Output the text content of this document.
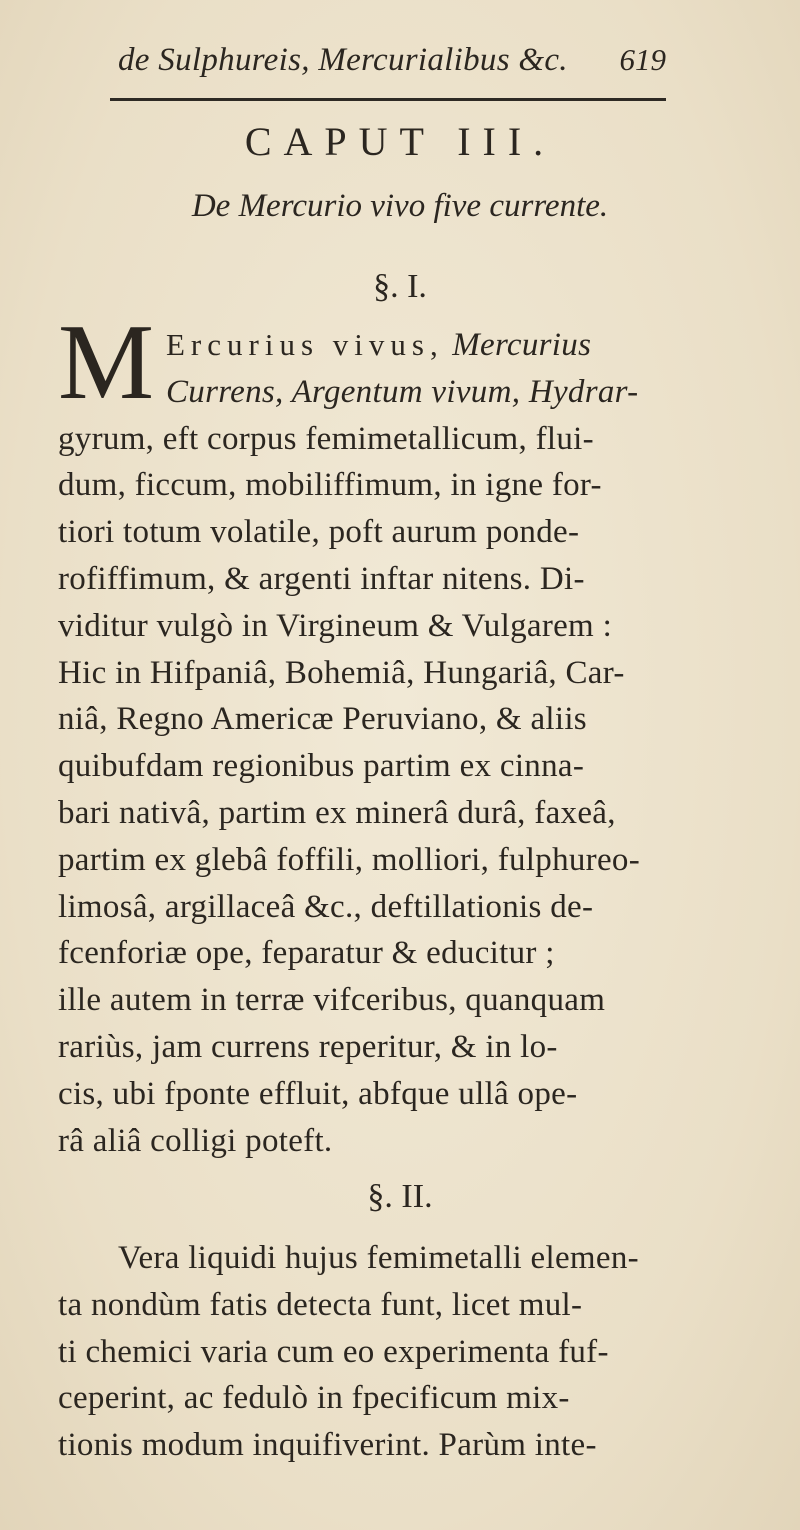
de Sulphureis, Mercurialibus &c. 619
CAPUT III.
De Mercurio vivo five currente.
§. I.
M Ercurius vivus, Mercurius
Currens, Argentum vivum, Hydrar-
gyrum, eft corpus femimetallicum, flui-
dum, ficcum, mobiliffimum, in igne for-
tiori totum volatile, poft aurum ponde-
rofiffimum, & argenti inftar nitens. Di-
viditur vulgò in Virgineum & Vulgarem :
Hic in Hifpaniâ, Bohemiâ, Hungariâ, Car-
niâ, Regno Americæ Peruviano, & aliis
quibufdam regionibus partim ex cinna-
bari nativâ, partim ex minerâ durâ, faxeâ,
partim ex glebâ foffili, molliori, fulphureo-
limosâ, argillaceâ &c., deftillationis de-
fcenforiæ ope, feparatur & educitur ;
ille autem in terræ vifceribus, quanquam
rariùs, jam currens reperitur, & in lo-
cis, ubi fponte effluit, abfque ullâ ope-
râ aliâ colligi poteft.
§. II.
Vera liquidi hujus femimetalli elemen-
ta nondùm fatis detecta funt, licet mul-
ti chemici varia cum eo experimenta fuf-
ceperint, ac fedulò in fpecificum mix-
tionis modum inquifiverint. Parùm inte-
